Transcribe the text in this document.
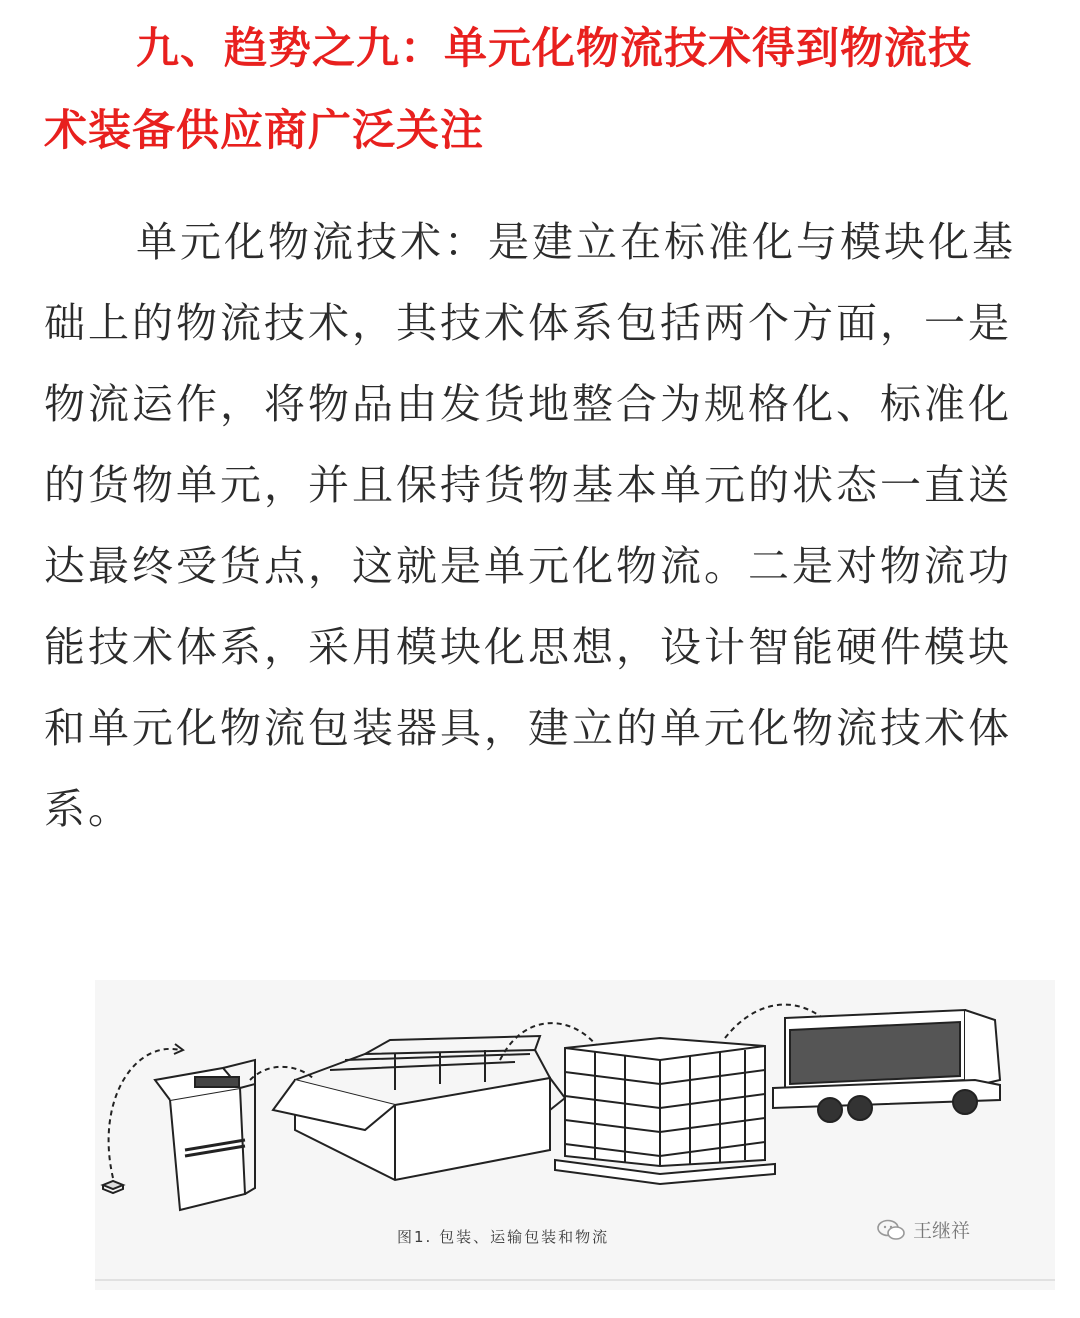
九、趋势之九：单元化物流技术得到物流技
术装备供应商广泛关注
单元化物流技术：是建立在标准化与模块化基
础上的物流技术，其技术体系包括两个方面，一是
物流运作，将物品由发货地整合为规格化、标准化
的货物单元，并且保持货物基本单元的状态一直送
达最终受货点，这就是单元化物流。二是对物流功
能技术体系，采用模块化思想，设计智能硬件模块
和单元化物流包装器具，建立的单元化物流技术体
系。
图1. 包装、运输包装和物流	王继祥
